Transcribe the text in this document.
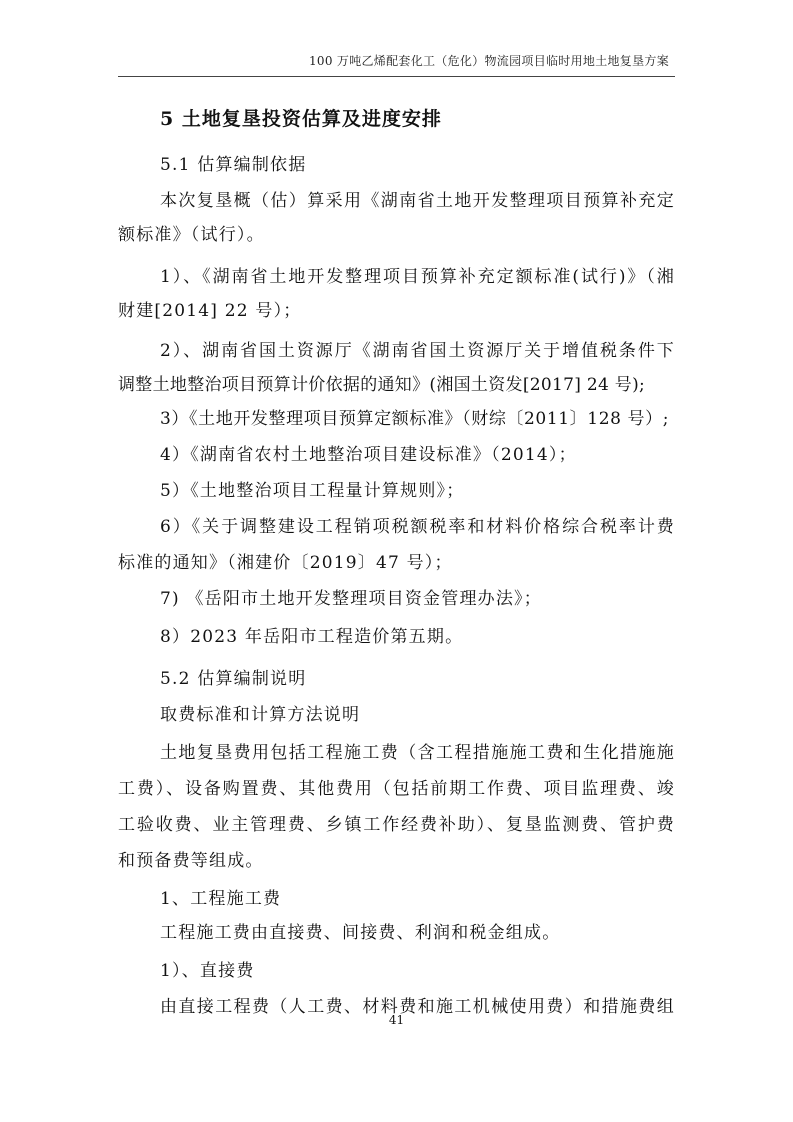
100 万吨乙烯配套化工（危化）物流园项目临时用地土地复垦方案
5 土地复垦投资估算及进度安排
5.1 估算编制依据
本次复垦概（估）算采用《湖南省土地开发整理项目预算补充定
额标准》（试行）。
1）、《湖南省土地开发整理项目预算补充定额标准(试行)》（湘
财建[2014] 22 号）；
2）、湖南省国土资源厅《湖南省国土资源厅关于增值税条件下
调整土地整治项目预算计价依据的通知》(湘国土资发[2017] 24 号);
3）《土地开发整理项目预算定额标准》（财综〔2011〕128 号）;
4）《湖南省农村土地整治项目建设标准》（2014）；
5）《土地整治项目工程量计算规则》；
6）《关于调整建设工程销项税额税率和材料价格综合税率计费
标准的通知》（湘建价〔2019〕47 号）；
7) 《岳阳市土地开发整理项目资金管理办法》；
8）2023 年岳阳市工程造价第五期。
5.2 估算编制说明
取费标准和计算方法说明
土地复垦费用包括工程施工费（含工程措施施工费和生化措施施
工费）、设备购置费、其他费用（包括前期工作费、项目监理费、竣
工验收费、业主管理费、乡镇工作经费补助）、复垦监测费、管护费
和预备费等组成。
1、工程施工费
工程施工费由直接费、间接费、利润和税金组成。
1）、直接费
由直接工程费（人工费、材料费和施工机械使用费）和措施费组
41
